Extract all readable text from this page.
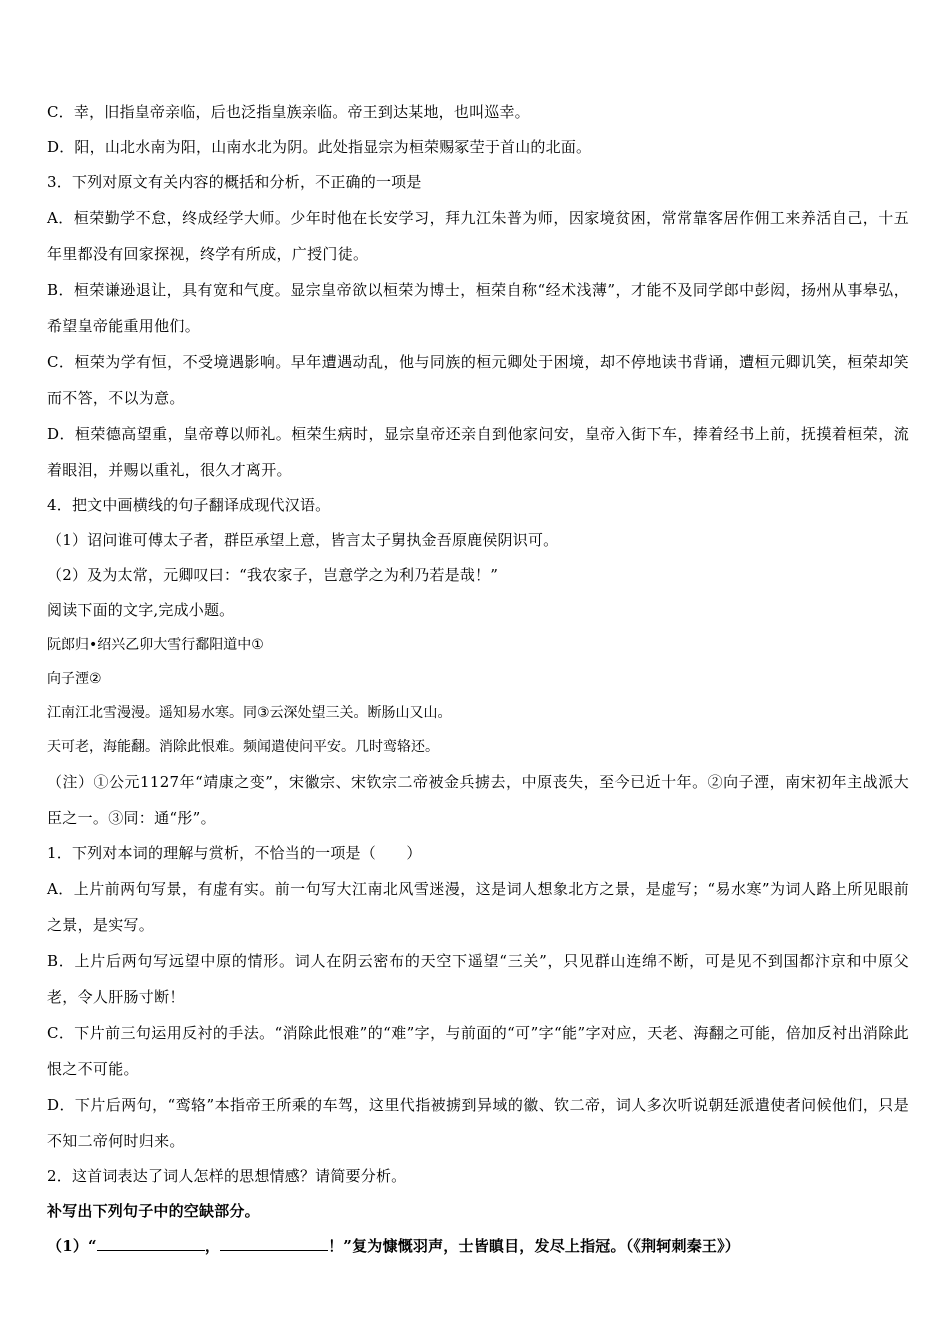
C．幸，旧指皇帝亲临，后也泛指皇族亲临。帝王到达某地，也叫巡幸。
D．阳，山北水南为阳，山南水北为阴。此处指显宗为桓荣赐冢茔于首山的北面。
3．下列对原文有关内容的概括和分析，不正确的一项是
A．桓荣勤学不怠，终成经学大师。少年时他在长安学习，拜九江朱普为师，因家境贫困，常常靠客居作佣工来养活自己，十五年里都没有回家探视，终学有所成，广授门徒。
B．桓荣谦逊退让，具有宽和气度。显宗皇帝欲以桓荣为博士，桓荣自称“经术浅薄”，才能不及同学郎中彭闳，扬州从事皋弘，希望皇帝能重用他们。
C．桓荣为学有恒，不受境遇影响。早年遭遇动乱，他与同族的桓元卿处于困境，却不停地读书背诵，遭桓元卿讥笑，桓荣却笑而不答，不以为意。
D．桓荣德高望重，皇帝尊以师礼。桓荣生病时，显宗皇帝还亲自到他家问安，皇帝入街下车，捧着经书上前，抚摸着桓荣，流着眼泪，并赐以重礼，很久才离开。
4．把文中画横线的句子翻译成现代汉语。
（1）诏问谁可傅太子者，群臣承望上意，皆言太子舅执金吾原鹿侯阴识可。
（2）及为太常，元卿叹曰：“我农家子，岂意学之为利乃若是哉！”
阅读下面的文字,完成小题。
阮郎归•绍兴乙卯大雪行鄱阳道中①
向子湮②
江南江北雪漫漫。遥知易水寒。同③云深处望三关。断肠山又山。
天可老，海能翻。消除此恨难。频闻遣使问平安。几时鸾辂还。
（注）①公元1127年“靖康之变”，宋徽宗、宋钦宗二帝被金兵掳去，中原丧失，至今已近十年。②向子湮，南宋初年主战派大臣之一。③同：通“彤”。
1．下列对本词的理解与赏析，不恰当的一项是（　　）
A．上片前两句写景，有虚有实。前一句写大江南北风雪迷漫，这是词人想象北方之景，是虚写；“易水寒”为词人路上所见眼前之景，是实写。
B．上片后两句写远望中原的情形。词人在阴云密布的天空下遥望“三关”，只见群山连绵不断，可是见不到国都汴京和中原父老，令人肝肠寸断！
C．下片前三句运用反衬的手法。“消除此恨难”的“难”字，与前面的“可”字“能”字对应，天老、海翻之可能，倍加反衬出消除此恨之不可能。
D．下片后两句，“鸾辂”本指帝王所乘的车驾，这里代指被掳到异域的徽、钦二帝，词人多次听说朝廷派遣使者问候他们，只是不知二帝何时归来。
2．这首词表达了词人怎样的思想情感？请简要分析。
补写出下列句子中的空缺部分。
（1）“	，	！”复为慷慨羽声，士皆瞋目，发尽上指冠。（《荆轲刺秦王》）
